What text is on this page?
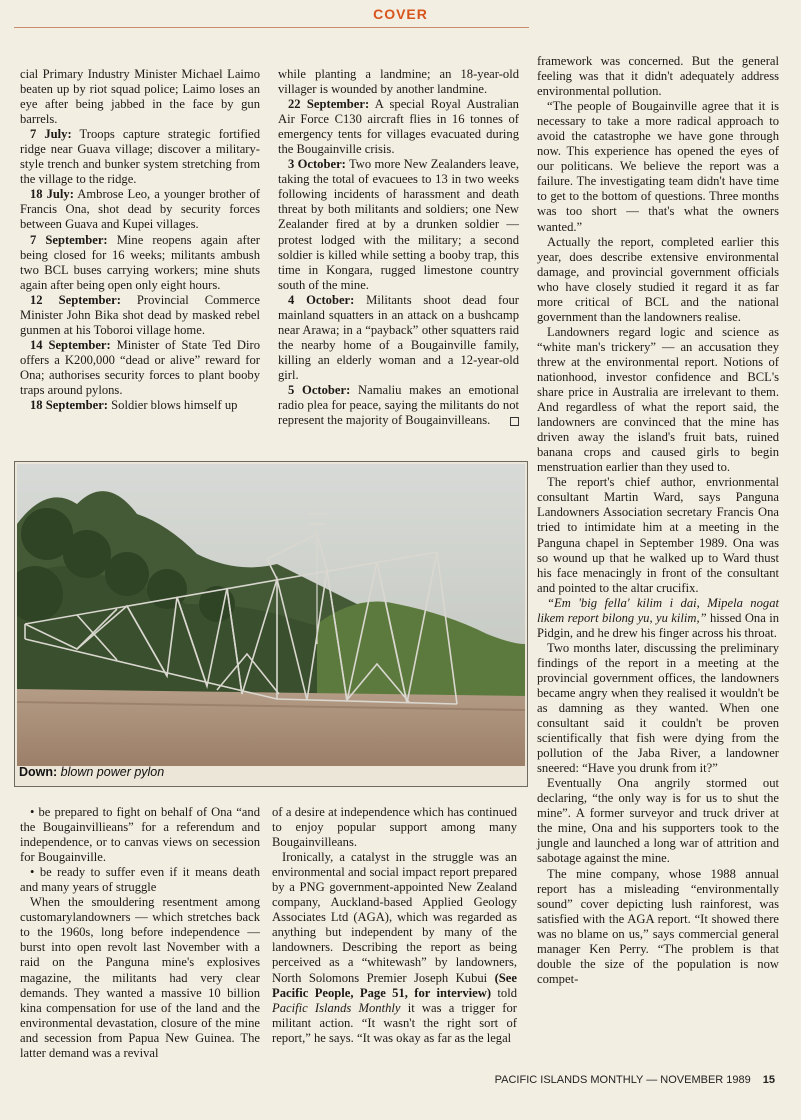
COVER

cial Primary Industry Minister Michael Laimo beaten up by riot squad police; Laimo loses an eye after being jabbed in the face by gun barrels.

7 July: Troops capture strategic fortified ridge near Guava village; discover a military-style trench and bunker system stretching from the village to the ridge.

18 July: Ambrose Leo, a younger brother of Francis Ona, shot dead by security forces between Guava and Kupei villages.

7 September: Mine reopens again after being closed for 16 weeks; militants ambush two BCL buses carrying workers; mine shuts again after being open only eight hours.

12 September: Provincial Commerce Minister John Bika shot dead by masked rebel gunmen at his Toboroi village home.

14 September: Minister of State Ted Diro offers a K200,000 “dead or alive” reward for Ona; authorises security forces to plant booby traps around pylons.

18 September: Soldier blows himself up

while planting a landmine; an 18-year-old villager is wounded by another landmine.

22 September: A special Royal Australian Air Force C130 aircraft flies in 16 tonnes of emergency tents for villages evacuated during the Bougainville crisis.

3 October: Two more New Zealanders leave, taking the total of evacuees to 13 in two weeks following incidents of harassment and death threat by both militants and soldiers; one New Zealander fired at by a drunken soldier — protest lodged with the military; a second soldier is killed while setting a booby trap, this time in Kongara, rugged limestone country south of the mine.

4 October: Militants shoot dead four mainland squatters in an attack on a bushcamp near Arawa; in a “payback” other squatters raid the nearby home of a Bougainville family, killing an elderly woman and a 12-year-old girl.

5 October: Namaliu makes an emotional radio plea for peace, saying the militants do not represent the majority of Bougainvilleans.

Down: blown power pylon

framework was concerned. But the general feeling was that it didn't adequately address environmental pollution.

“The people of Bougainville agree that it is necessary to take a more radical approach to avoid the catastrophe we have gone through now. This experience has opened the eyes of our politicans. We believe the report was a failure. The investigating team didn't have time to get to the bottom of questions. Three months was too short — that's what the owners wanted.”

Actually the report, completed earlier this year, does describe extensive environmental damage, and provincial government officials who have closely studied it regard it as far more critical of BCL and the national government than the landowners realise.

Landowners regard logic and science as “white man's trickery” — an accusation they threw at the environmental report. Notions of nationhood, investor confidence and BCL's share price in Australia are irrelevant to them. And regardless of what the report said, the landowners are convinced that the mine has driven away the island's fruit bats, ruined banana crops and caused girls to begin menstruation earlier than they used to.

The report's chief author, envrionmental consultant Martin Ward, says Panguna Landowners Association secretary Francis Ona tried to intimidate him at a meeting in the Panguna chapel in September 1989. Ona was so wound up that he walked up to Ward thust his face menacingly in front of the consultant and pointed to the altar crucifix.

“Em 'big fella' kilim i dai, Mipela nogat likem report bilong yu, yu kilim,” hissed Ona in Pidgin, and he drew his finger across his throat.

Two months later, discussing the preliminary findings of the report in a meeting at the provincial government offices, the landowners became angry when they realised it wouldn't be as damning as they wanted. When one consultant said it couldn't be proven scientifically that fish were dying from the pollution of the Jaba River, a landowner sneered: “Have you drunk from it?”

Eventually Ona angrily stormed out declaring, “the only way is for us to shut the mine”. A former surveyor and truck driver at the mine, Ona and his supporters took to the jungle and launched a long war of attrition and sabotage against the mine.

The mine company, whose 1988 annual report has a misleading “environmentally sound” cover depicting lush rainforest, was satisfied with the AGA report. “It showed there was no blame on us,” says commercial general manager Ken Perry. “The problem is that double the size of the population is now compet-

• be prepared to fight on behalf of Ona “and the Bougainvillieans” for a referendum and independence, or to canvas views on secession for Bougainville.

• be ready to suffer even if it means death and many years of struggle

When the smouldering resentment among customarylandowners — which stretches back to the 1960s, long before independence — burst into open revolt last November with a raid on the Panguna mine's explosives magazine, the militants had very clear demands. They wanted a massive 10 billion kina compensation for use of the land and the environmental devastation, closure of the mine and secession from Papua New Guinea. The latter demand was a revival

of a desire at independence which has continued to enjoy popular support among many Bougainvilleans.

Ironically, a catalyst in the struggle was an environmental and social impact report prepared by a PNG government-appointed New Zealand company, Auckland-based Applied Geology Associates Ltd (AGA), which was regarded as anything but independent by many of the landowners. Describing the report as being perceived as a “whitewash” by landowners, North Solomons Premier Joseph Kubui (See Pacific People, Page 51, for interview) told Pacific Islands Monthly it was a trigger for militant action. “It wasn't the right sort of report,” he says. “It was okay as far as the legal

PACIFIC ISLANDS MONTHLY — NOVEMBER 1989 15
